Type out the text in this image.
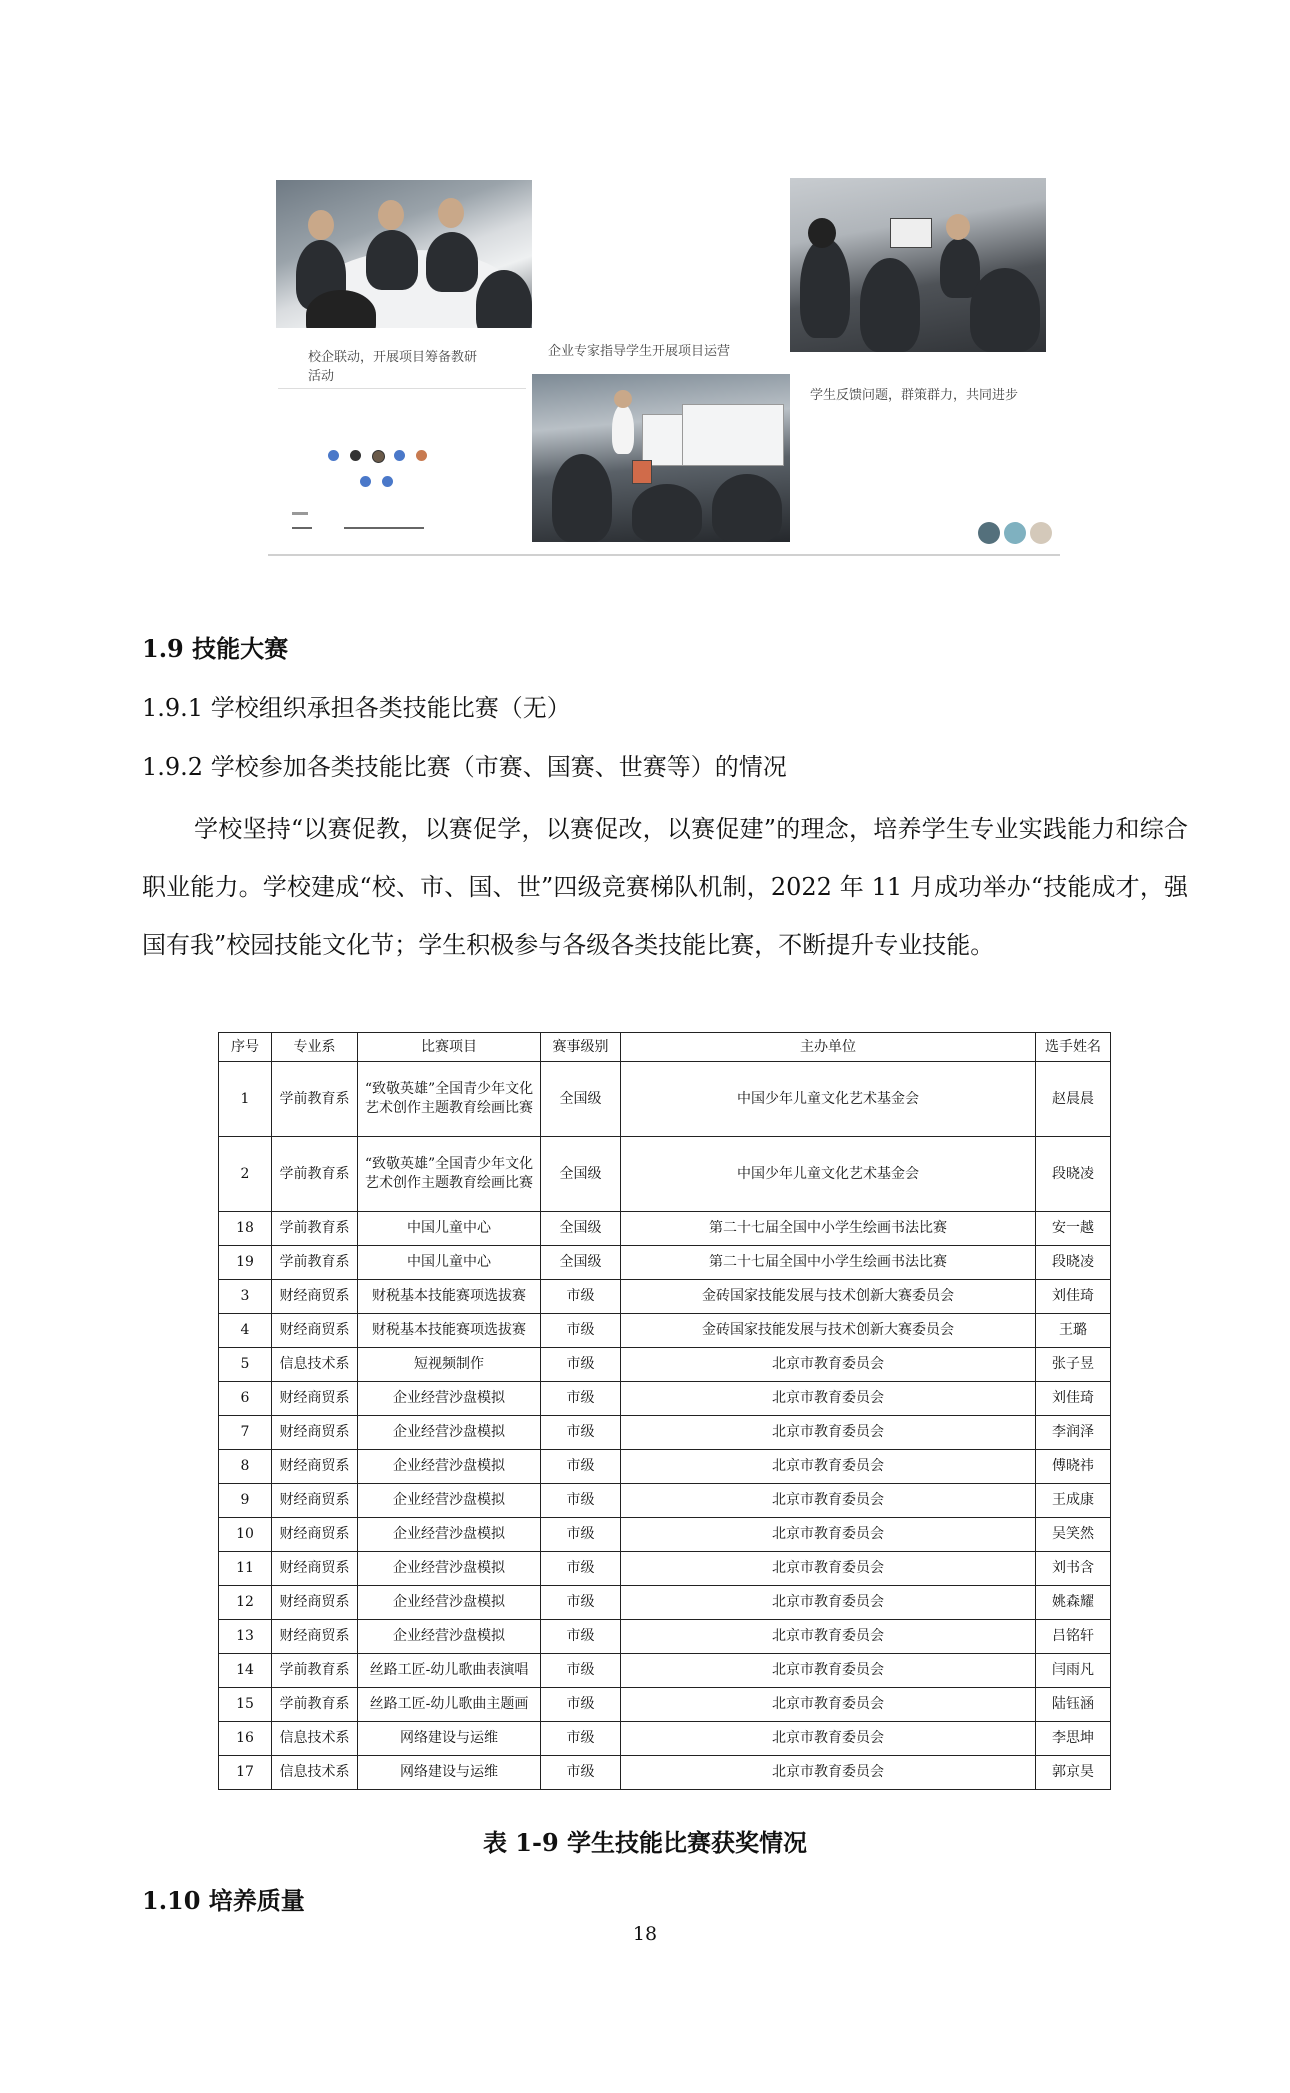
校企联动，开展项目筹备教研活动
企业专家指导学生开展项目运营
学生反馈问题，群策群力，共同进步
1.9 技能大赛
1.9.1 学校组织承担各类技能比赛（无）
1.9.2 学校参加各类技能比赛（市赛、国赛、世赛等）的情况

学校坚持“以赛促教，以赛促学，以赛促改，以赛促建”的理念，培养学生专业实践能力和综合职业能力。学校建成“校、市、国、世”四级竞赛梯队机制，2022 年 11 月成功举办“技能成才，强国有我”校园技能文化节；学生积极参与各级各类技能比赛，不断提升专业技能。

序号	专业系	比赛项目	赛事级别	主办单位	选手姓名
1	学前教育系	“致敬英雄”全国青少年文化艺术创作主题教育绘画比赛	全国级	中国少年儿童文化艺术基金会	赵晨晨
2	学前教育系	“致敬英雄”全国青少年文化艺术创作主题教育绘画比赛	全国级	中国少年儿童文化艺术基金会	段晓凌
18	学前教育系	中国儿童中心	全国级	第二十七届全国中小学生绘画书法比赛	安一越
19	学前教育系	中国儿童中心	全国级	第二十七届全国中小学生绘画书法比赛	段晓凌
3	财经商贸系	财税基本技能赛项选拔赛	市级	金砖国家技能发展与技术创新大赛委员会	刘佳琦
4	财经商贸系	财税基本技能赛项选拔赛	市级	金砖国家技能发展与技术创新大赛委员会	王璐
5	信息技术系	短视频制作	市级	北京市教育委员会	张子昱
6	财经商贸系	企业经营沙盘模拟	市级	北京市教育委员会	刘佳琦
7	财经商贸系	企业经营沙盘模拟	市级	北京市教育委员会	李润泽
8	财经商贸系	企业经营沙盘模拟	市级	北京市教育委员会	傅晓祎
9	财经商贸系	企业经营沙盘模拟	市级	北京市教育委员会	王成康
10	财经商贸系	企业经营沙盘模拟	市级	北京市教育委员会	吴笑然
11	财经商贸系	企业经营沙盘模拟	市级	北京市教育委员会	刘书含
12	财经商贸系	企业经营沙盘模拟	市级	北京市教育委员会	姚森耀
13	财经商贸系	企业经营沙盘模拟	市级	北京市教育委员会	吕铭轩
14	学前教育系	丝路工匠-幼儿歌曲表演唱	市级	北京市教育委员会	闫雨凡
15	学前教育系	丝路工匠-幼儿歌曲主题画	市级	北京市教育委员会	陆钰涵
16	信息技术系	网络建设与运维	市级	北京市教育委员会	李思坤
17	信息技术系	网络建设与运维	市级	北京市教育委员会	郭京昊
表 1-9 学生技能比赛获奖情况
1.10 培养质量
18
